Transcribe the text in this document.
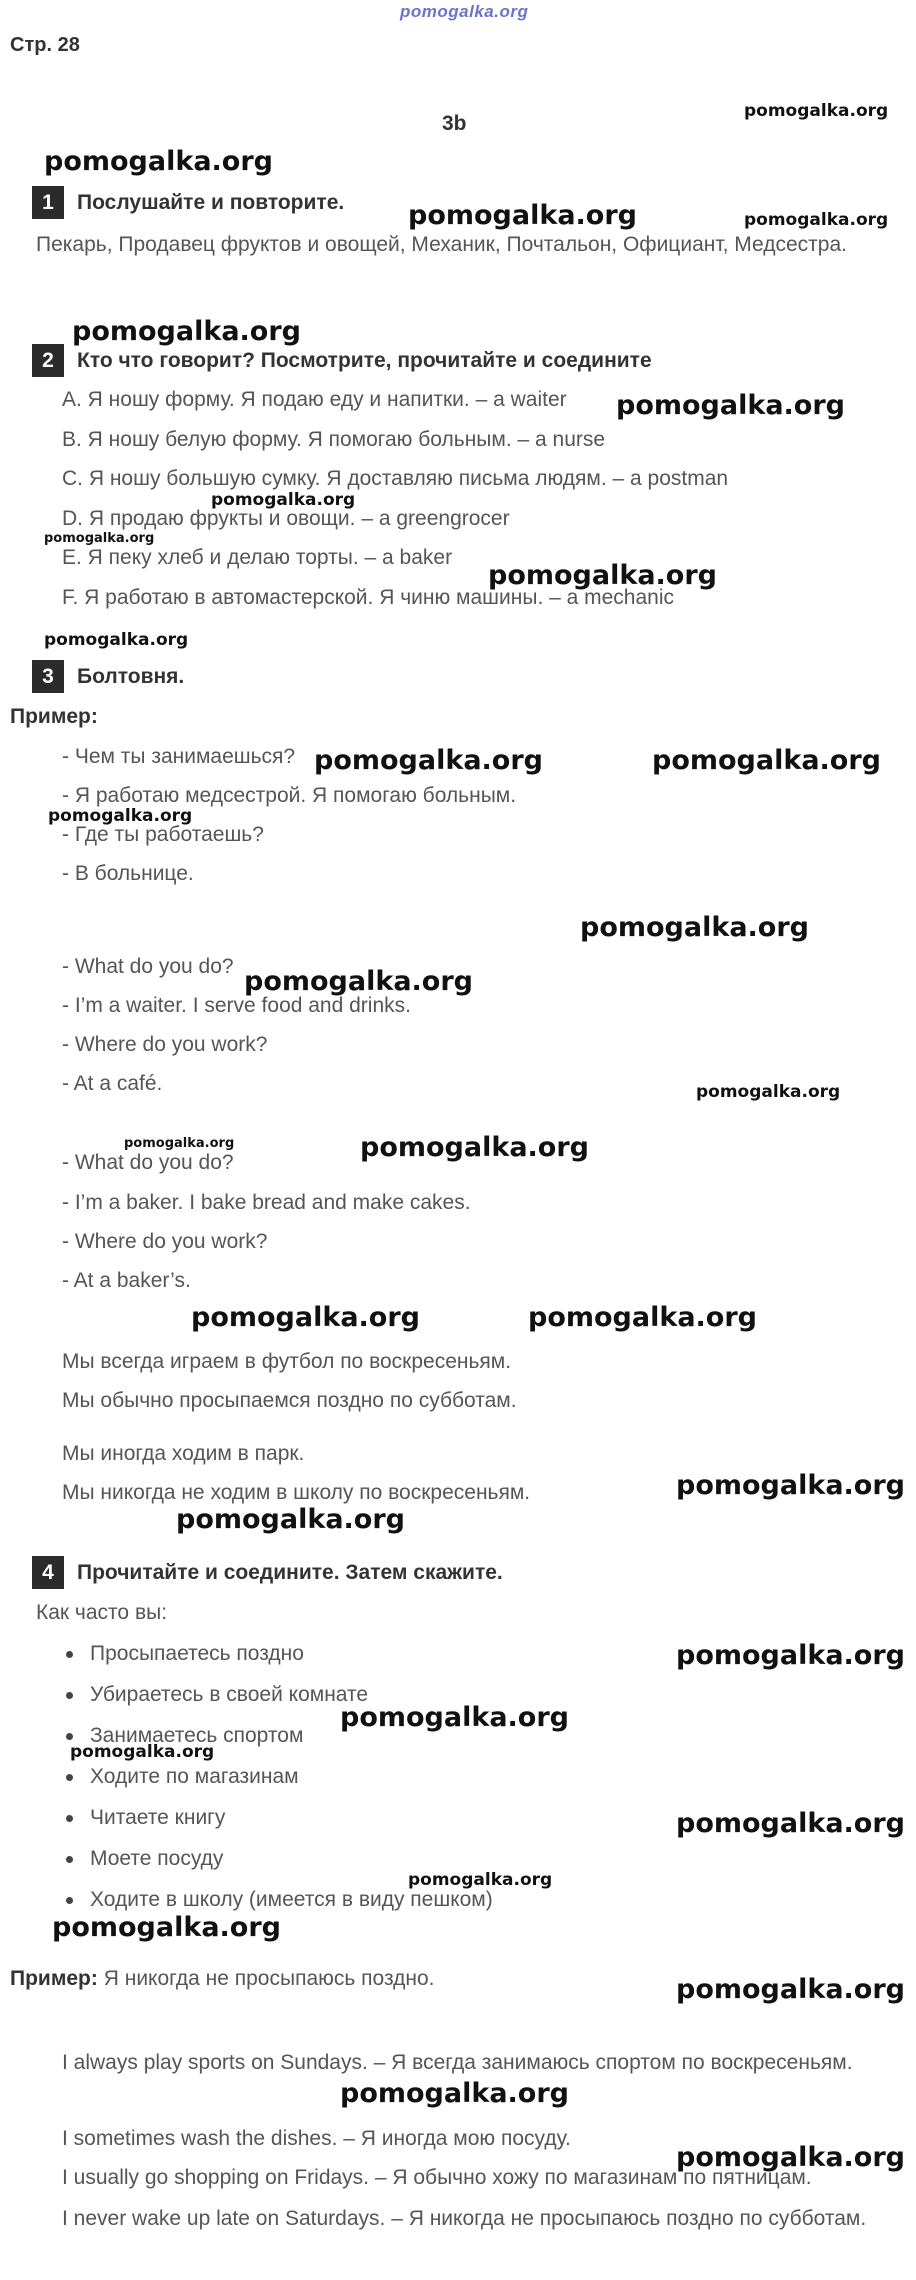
pomogalka.org
Стр. 28
3b
1	Послушайте и повторите.
Пекарь, Продавец фруктов и овощей, Механик, Почтальон, Официант, Медсестра.
2	Кто что говорит? Посмотрите, прочитайте и соедините
A. Я ношу форму. Я подаю еду и напитки. – a waiter
B. Я ношу белую форму. Я помогаю больным. – a nurse
C. Я ношу большую сумку. Я доставляю письма людям. – a postman
D. Я продаю фрукты и овощи. – a greengrocer
E. Я пеку хлеб и делаю торты. – a baker
F. Я работаю в автомастерской. Я чиню машины. – a mechanic
3	Болтовня.
Пример:
- Чем ты занимаешься?
- Я работаю медсестрой. Я помогаю больным.
- Где ты работаешь?
- В больнице.
- What do you do?
- I’m a waiter. I serve food and drinks.
- Where do you work?
- At a café.
- What do you do?
- I’m a baker. I bake bread and make cakes.
- Where do you work?
- At a baker’s.
Мы всегда играем в футбол по воскресеньям.
Мы обычно просыпаемся поздно по субботам.
Мы иногда ходим в парк.
Мы никогда не ходим в школу по воскресеньям.
4	Прочитайте и соедините. Затем скажите.
Как часто вы:
Просыпаетесь поздно
Убираетесь в своей комнате
Занимаетесь спортом
Ходите по магазинам
Читаете книгу
Моете посуду
Ходите в школу (имеется в виду пешком)
Пример: Я никогда не просыпаюсь поздно.
I always play sports on Sundays. – Я всегда занимаюсь спортом по воскресеньям.
I sometimes wash the dishes. – Я иногда мою посуду.
I usually go shopping on Fridays. – Я обычно хожу по магазинам по пятницам.
I never wake up late on Saturdays. – Я никогда не просыпаюсь поздно по субботам.
pomogalka.org
pomogalka.org
pomogalka.org
pomogalka.org
pomogalka.org
pomogalka.org
pomogalka.org
pomogalka.org
pomogalka.org
pomogalka.org
pomogalka.org	pomogalka.org
pomogalka.org
pomogalka.org
pomogalka.org
pomogalka.org
pomogalka.org	pomogalka.org
pomogalka.org	pomogalka.org
pomogalka.org
pomogalka.org
pomogalka.org
pomogalka.org
pomogalka.org
pomogalka.org
pomogalka.org
pomogalka.org
pomogalka.org
pomogalka.org
pomogalka.org
